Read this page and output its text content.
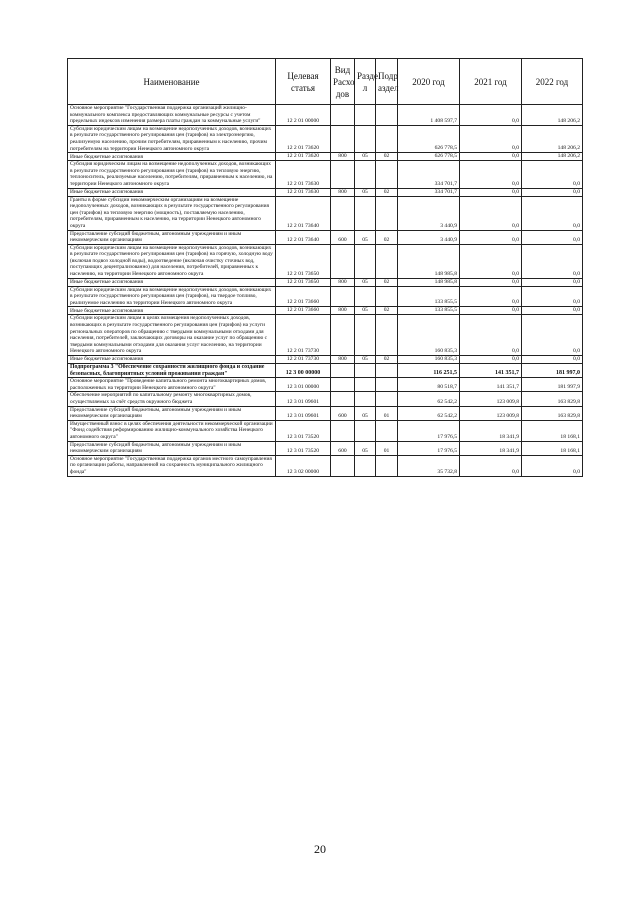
Наименование	Целевая статья	Вид Расхо дов	Разде л	Подр аздел	2020 год	2021 год	2022 год
Основное мероприятие "Государственная поддержка организаций жилищно-коммунального комплекса предоставляющих коммунальные ресурсы с учетом предельных индексов изменения размера платы граждан за коммунальные услуги"	12 2 01 00000				1 408 597,7	0,0	148 206,2
Субсидии юридическим лицам на возмещение недополученных доходов, возникающих в результате государственного регулирования цен (тарифов) на электроэнергию, реализуемую населению, прочим потребителям, приравненным к населению, прочим потребителям на территории Ненецкого автономного округа	12 2 01 73620				626 778,5	0,0	148 206,2
Иные бюджетные ассигнования	12 2 01 73620	800	05	02	626 778,5	0,0	148 206,2
Субсидия юридическим лицам на возмещение недополученных доходов, возникающих в результате государственного регулирования цен (тарифов) на тепловую энергию, теплоноситель, реализуемые населению, потребителям, приравненным к населению, на территории Ненецкого автономного округа	12 2 01 73630				334 701,7	0,0	0,0
Иные бюджетные ассигнования	12 2 01 73630	800	05	02	334 701,7	0,0	0,0
Гранты в форме субсидии некоммерческим организациям на возмещение недополученных доходов, возникающих в результате государственного регулирования цен (тарифов) на тепловую энергию (мощность), поставляемую населению, потребителям, приравненным к населению, на территории Ненецкого автономного округа	12 2 01 73640				3 440,9	0,0	0,0
Предоставление субсидий бюджетным, автономным учреждениям и иным некоммерческим организациям	12 2 01 73640	600	05	02	3 440,9	0,0	0,0
Субсидии юридическим лицам на возмещение недополученных доходов, возникающих в результате государственного регулирования цен (тарифов) на горячую, холодную воду (включая подвоз холодной воды), водоотведение (включая очистку сточных вод, поступающих децентрализованно) для населения, потребителей, приравненных к населению, на территории Ненецкого автономного округа	12 2 01 73650				148 985,8	0,0	0,0
Иные бюджетные ассигнования	12 2 01 73650	800	05	02	148 985,8	0,0	0,0
Субсидии юридическим лицам на возмещение недополученных доходов, возникающих в результате государственного регулирования цен (тарифов), на твердое топливо, реализуемое населению на территории Ненецкого автономного округа	12 2 01 73660				133 855,5	0,0	0,0
Иные бюджетные ассигнования	12 2 01 73660	800	05	02	133 855,5	0,0	0,0
Субсидии юридическим лицам в целях возмещения недополученных доходов, возникающих в результате государственного регулирования цен (тарифов) на услуги региональных операторов по обращению с твердыми коммунальными отходами для населения, потребителей, заключающих договоры на оказание услуг по обращению с твердыми коммунальными отходами для оказания услуг населению, на территории Ненецкого автономного округа	12 2 01 73730				160 835,3	0,0	0,0
Иные бюджетные ассигнования	12 2 01 73730	800	05	02	160 835,3	0,0	0,0
Подпрограмма 3 "Обеспечение сохранности жилищного фонда и создание безопасных, благоприятных условий проживания граждан"	12 3 00 00000				116 251,5	141 351,7	181 997,0
Основное мероприятие "Проведение капитального ремонта многоквартирных домов, расположенных на территории Ненецкого автономного округа"	12 3 01 00000				80 518,7	141 351,7	181 997,9
Обеспечение мероприятий по капитальному ремонту многоквартирных домов, осуществляемых за счёт средств окружного бюджета	12 3 01 09601				62 542,2	123 009,8	163 829,8
Предоставление субсидий бюджетным, автономным учреждениям и иным некоммерческим организациям	12 3 01 09601	600	05	01	62 542,2	123 009,8	163 829,8
Имущественный взнос в целях обеспечения деятельности некоммерческой организации "Фонд содействия реформированию жилищно-коммунального хозяйства Ненецкого автономного округа"	12 3 01 73520				17 976,5	18 341,9	18 168,1
Предоставление субсидий бюджетным, автономным учреждениям и иным некоммерческим организациям	12 3 01 73520	600	05	01	17 976,5	18 341,9	18 168,1
Основное мероприятие "Государственная поддержка органов местного самоуправления по организации работы, направленной на сохранность муниципального жилищного фонда"	12 3 02 00000				35 732,8	0,0	0,0
20
